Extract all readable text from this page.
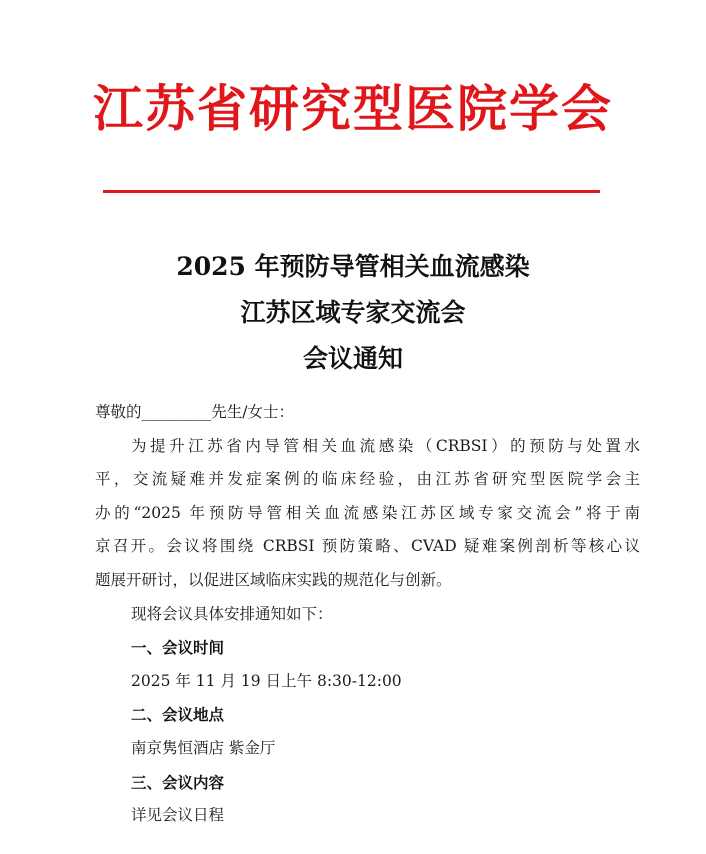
江苏省研究型医院学会
2025 年预防导管相关血流感染
江苏区域专家交流会
会议通知
尊敬的_________先生/女士：
为提升江苏省内导管相关血流感染（CRBSI）的预防与处置水
平，交流疑难并发症案例的临床经验，由江苏省研究型医院学会主
办的“2025 年预防导管相关血流感染江苏区域专家交流会”将于南
京召开。会议将围绕 CRBSI 预防策略、CVAD 疑难案例剖析等核心议
题展开研讨，以促进区域临床实践的规范化与创新。
现将会议具体安排通知如下：
一、会议时间
2025 年 11 月 19 日上午 8:30-12:00
二、会议地点
南京隽恒酒店 紫金厅
三、会议内容
详见会议日程
